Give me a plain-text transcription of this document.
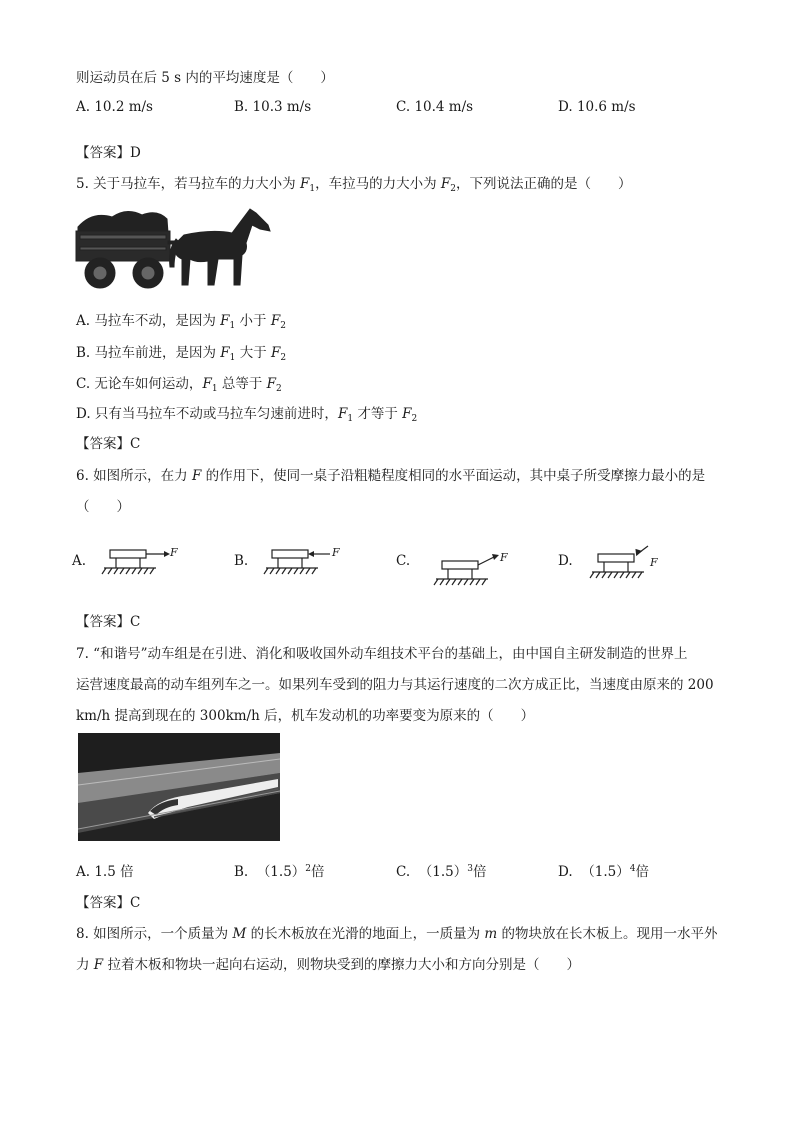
则运动员在后 5 s 内的平均速度是（　　）
A. 10.2 m/s	B. 10.3 m/s	C. 10.4 m/s	D. 10.6 m/s
【答案】D
5. 关于马拉车，若马拉车的力大小为 $F_1$，车拉马的力大小为 $F_2$，下列说法正确的是（　　）
A. 马拉车不动，是因为 $F_1$ 小于 $F_2$
B. 马拉车前进，是因为 $F_1$ 大于 $F_2$
C. 无论车如何运动，$F_1$ 总等于 $F_2$
D. 只有当马拉车不动或马拉车匀速前进时，$F_1$ 才等于 $F_2$
【答案】C
6. 如图所示，在力 F 的作用下，使同一桌子沿粗糙程度相同的水平面运动，其中桌子所受摩擦力最小的是
（　　）
A.
F
B.
F
C.	F	D.	F
【答案】C
7. “和谐号”动车组是在引进、消化和吸收国外动车组技术平台的基础上，由中国自主研发制造的世界上
运营速度最高的动车组列车之一。如果列车受到的阻力与其运行速度的二次方成正比，当速度由原来的 200
km/h 提高到现在的 300km/h 后，机车发动机的功率要变为原来的（　　）
A. 1.5 倍	B. $(1.5)^2$倍	C. $(1.5)^3$倍	D. $(1.5)^4$倍
【答案】C
8. 如图所示，一个质量为 M 的长木板放在光滑的地面上，一质量为 m 的物块放在长木板上。现用一水平外
力 F 拉着木板和物块一起向右运动，则物块受到的摩擦力大小和方向分别是（　　）
